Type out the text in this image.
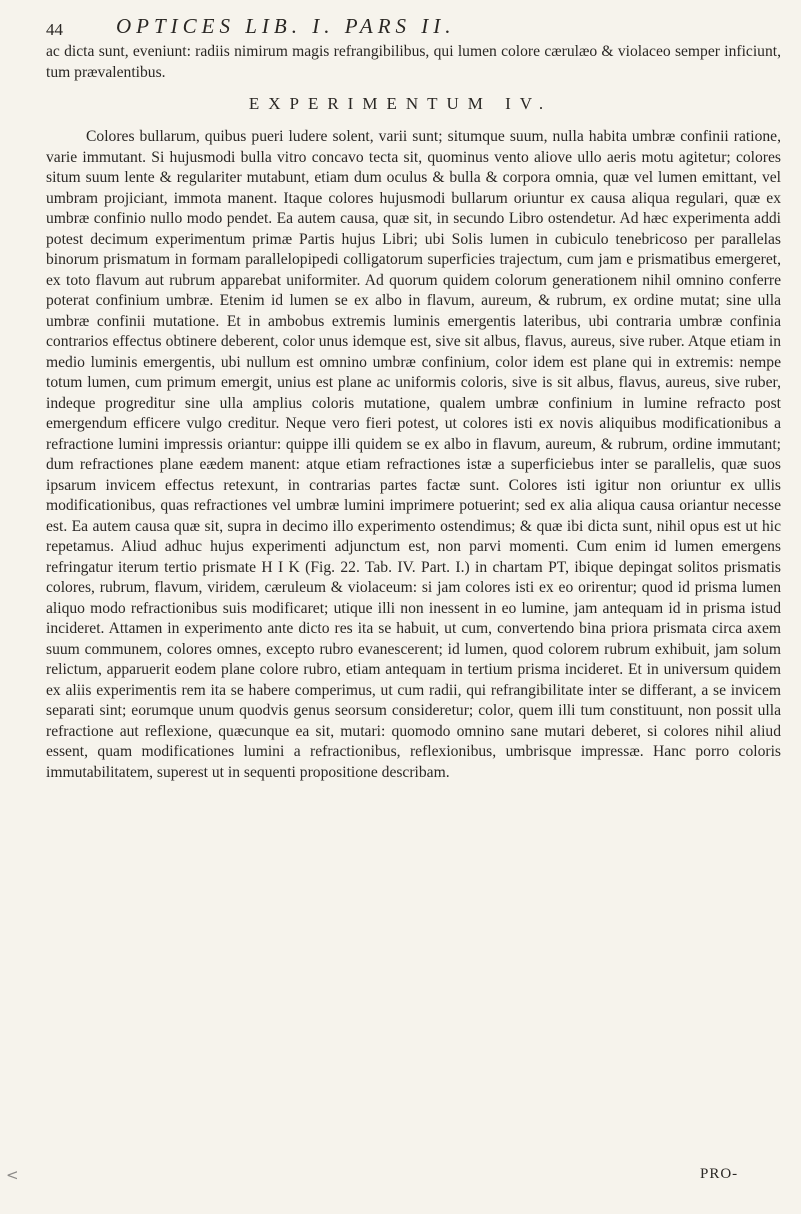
44	OPTICES LIB. I. PARS II.

ac dicta sunt, eveniunt: radiis nimirum magis refrangibilibus, qui lumen colore cærulæo & violaceo semper inficiunt, tum prævalentibus.

EXPERIMENTUM IV.

Colores bullarum, quibus pueri ludere solent, varii sunt; situmque suum, nulla habita umbræ confinii ratione, varie immutant. Si hujusmodi bulla vitro concavo tecta sit, quominus vento aliove ullo aeris motu agitetur; colores situm suum lente & regulariter mutabunt, etiam dum oculus & bulla & corpora omnia, quæ vel lumen emittant, vel umbram projiciant, immota manent. Itaque colores hujusmodi bullarum oriuntur ex causa aliqua regulari, quæ ex umbræ confinio nullo modo pendet. Ea autem causa, quæ sit, in secundo Libro ostendetur. Ad hæc experimenta addi potest decimum experimentum primæ Partis hujus Libri; ubi Solis lumen in cubiculo tenebricoso per parallelas binorum prismatum in formam parallelopipedi colligatorum superficies trajectum, cum jam e prismatibus emergeret, ex toto flavum aut rubrum apparebat uniformiter. Ad quorum quidem colorum generationem nihil omnino conferre poterat confinium umbræ. Etenim id lumen se ex albo in flavum, aureum, & rubrum, ex ordine mutat; sine ulla umbræ confinii mutatione. Et in ambobus extremis luminis emergentis lateribus, ubi contraria umbræ confinia contrarios effectus obtinere deberent, color unus idemque est, sive sit albus, flavus, aureus, sive ruber. Atque etiam in medio luminis emergentis, ubi nullum est omnino umbræ confinium, color idem est plane qui in extremis: nempe totum lumen, cum primum emergit, unius est plane ac uniformis coloris, sive is sit albus, flavus, aureus, sive ruber, indeque progreditur sine ulla amplius coloris mutatione, qualem umbræ confinium in lumine refracto post emergendum efficere vulgo creditur. Neque vero fieri potest, ut colores isti ex novis aliquibus modificationibus a refractione lumini impressis oriantur: quippe illi quidem se ex albo in flavum, aureum, & rubrum, ordine immutant; dum refractiones plane eædem manent: atque etiam refractiones istæ a superficiebus inter se parallelis, quæ suos ipsarum invicem effectus retexunt, in contrarias partes factæ sunt. Colores isti igitur non oriuntur ex ullis modificationibus, quas refractiones vel umbræ lumini imprimere potuerint; sed ex alia aliqua causa oriantur necesse est. Ea autem causa quæ sit, supra in decimo illo experimento ostendimus; & quæ ibi dicta sunt, nihil opus est ut hic repetamus. Aliud adhuc hujus experimenti adjunctum est, non parvi momenti. Cum enim id lumen emergens refringatur iterum tertio prismate H I K (Fig. 22. Tab. IV. Part. I.) in chartam PT, ibique depingat solitos prismatis colores, rubrum, flavum, viridem, cæruleum & violaceum: si jam colores isti ex eo orirentur; quod id prisma lumen aliquo modo refractionibus suis modificaret; utique illi non inessent in eo lumine, jam antequam id in prisma istud incideret. Attamen in experimento ante dicto res ita se habuit, ut cum, convertendo bina priora prismata circa axem suum communem, colores omnes, excepto rubro evanescerent; id lumen, quod colorem rubrum exhibuit, jam solum relictum, apparuerit eodem plane colore rubro, etiam antequam in tertium prisma incideret. Et in universum quidem ex aliis experimentis rem ita se habere comperimus, ut cum radii, qui refrangibilitate inter se differant, a se invicem separati sint; eorumque unum quodvis genus seorsum consideretur; color, quem illi tum constituunt, non possit ulla refractione aut reflexione, quæcunque ea sit, mutari: quomodo omnino sane mutari deberet, si colores nihil aliud essent, quam modificationes lumini a refractionibus, reflexionibus, umbrisque impressæ. Hanc porro coloris immutabilitatem, superest ut in sequenti propositione describam.

<	PRO-
